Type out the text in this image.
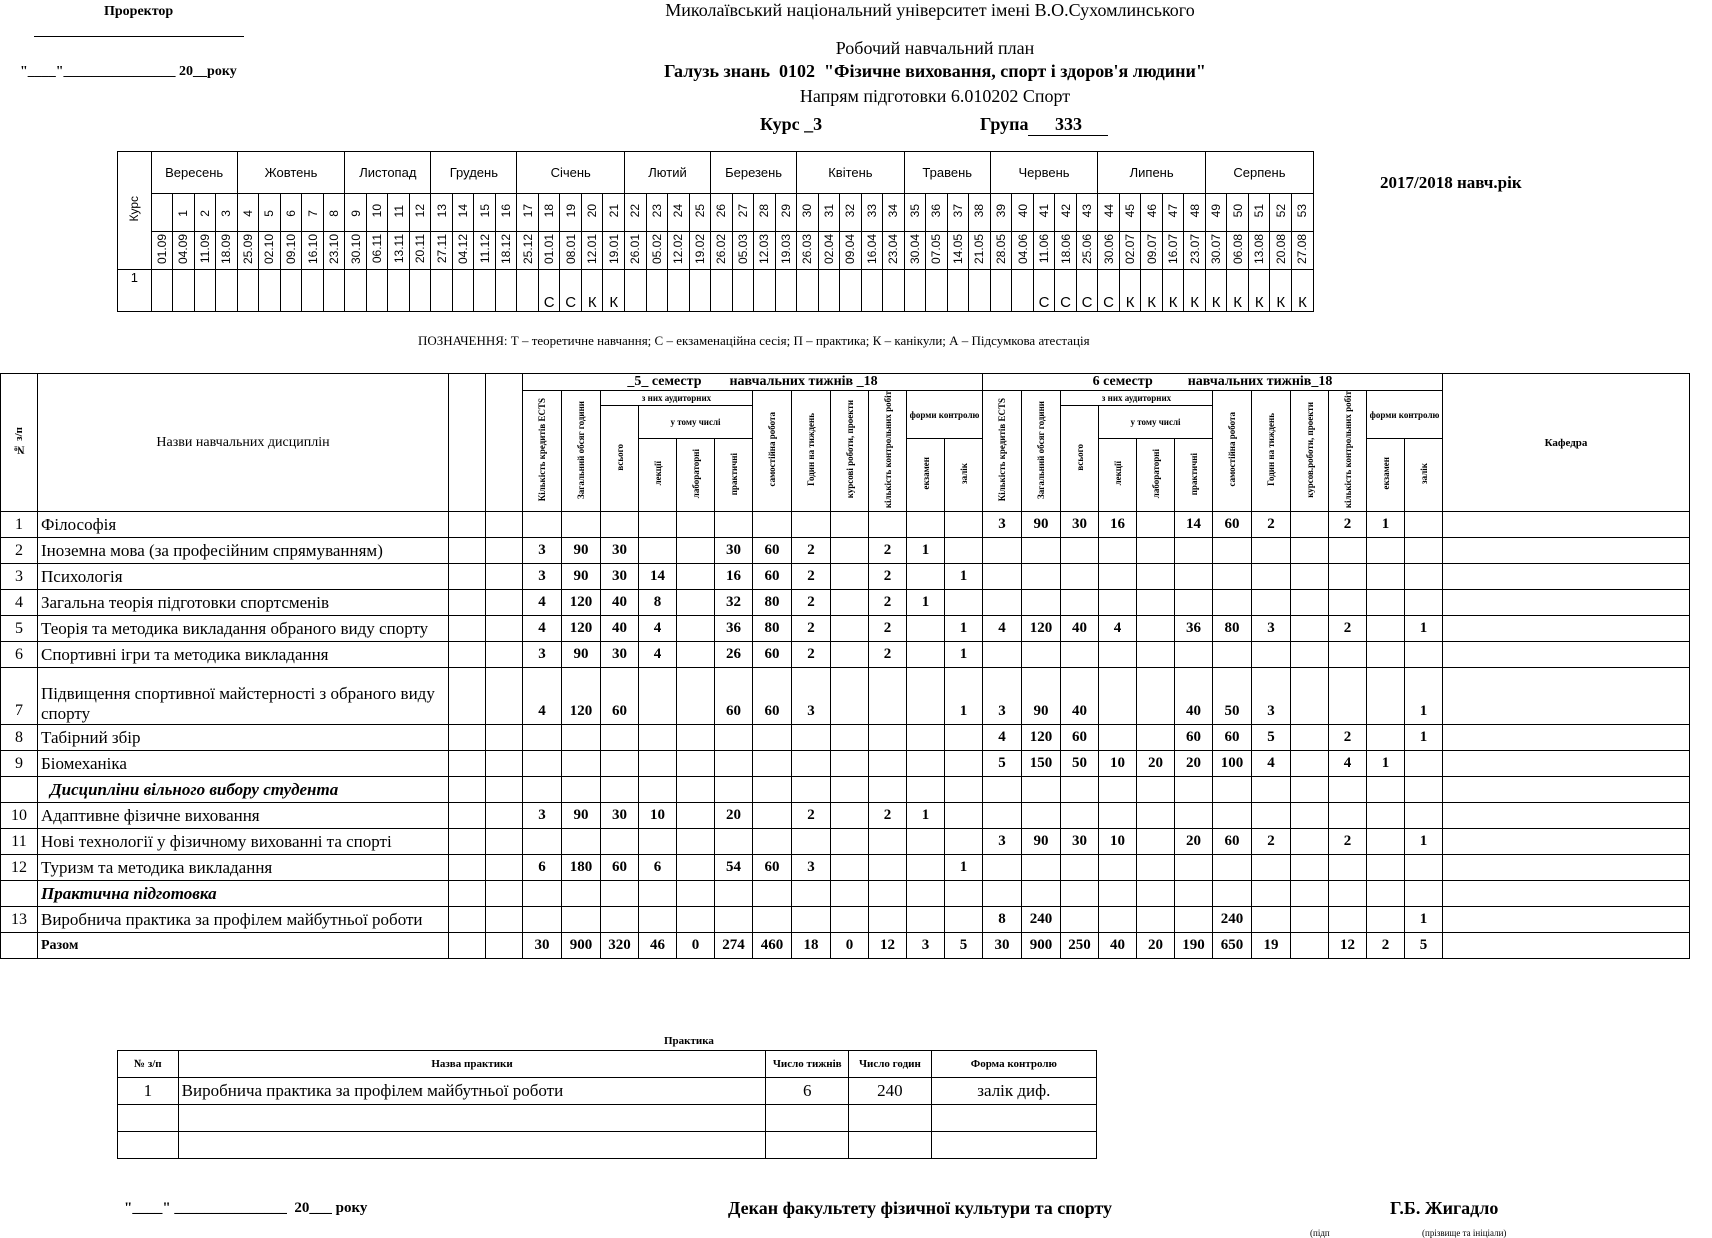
Проректор
"____"________________ 20__року
Миколаївський національний університет імені В.О.Сухомлинського
Робочий навчальний план
Галузь знань  0102  "Фізичне виховання, спорт і здоров'я людини"
Напрям підготовки 6.010202 Спорт
Курс _3	Група 333
2017/2018 навч.рік
Курс	Вересень				Жовтень					Листопад				Грудень				Січень					Лютий				Березень				Квітень					Травень				Червень					Липень					Серпень				
		1	2	3	4	5	6	7	8	9	10	11	12	13	14	15	16	17	18	19	20	21	22	23	24	25	26	27	28	29	30	31	32	33	34	35	36	37	38	39	40	41	42	43	44	45	46	47	48	49	50	51	52	53
	01.09	04.09	11.09	18.09	25.09	02.10	09.10	16.10	23.10	30.10	06.11	13.11	20.11	27.11	04.12	11.12	18.12	25.12	01.01	08.01	12.01	19.01	26.01	05.02	12.02	19.02	26.02	05.03	12.03	19.03	26.03	02.04	09.04	16.04	23.04	30.04	07.05	14.05	21.05	28.05	04.06	11.06	18.06	25.06	30.06	02.07	09.07	16.07	23.07	30.07	06.08	13.08	20.08	27.08
1																			С	С	К	К																				С	С	С	С	К	К	К	К	К	К	К	К	К
ПОЗНАЧЕННЯ: Т – теоретичне навчання; С – екзаменаційна сесія; П – практика; К – канікули; А – Підсумкова атестація
№ з/п	Назви навчальних дисциплін			_5_ семестр        навчальних тижнів _18												6 семестр          навчальних тижнів_18												Кафедра
				Кількість кредитів ECTS	Загальний обсяг години	з них аудиторних				самостійна робота	Годин на тиждень	курсові роботи, проекти	кількість контрольних робіт	форми контролю		Кількість кредитів ECTS	Загальний обсяг години	з них аудиторних				самостійна робота	Годин на тиждень	курсов.роботи, проекти	кількість контрольних робіт	форми контролю		
						всього	у тому числі											всього	у тому числі									
							лекції	лабораторні	практичні					екзамен	залік				лекції	лабораторні	практичні					екзамен	залік	
1	Філософія															3	90	30	16		14	60	2		2	1		
2	Іноземна мова (за професійним спрямуванням)			3	90	30			30	60	2		2	1														
3	Психологія			3	90	30	14		16	60	2		2		1													
4	Загальна теорія підготовки спортсменів			4	120	40	8		32	80	2		2	1														
5	Теорія та методика викладання обраного виду спорту			4	120	40	4		36	80	2		2		1	4	120	40	4		36	80	3		2		1	
6	Спортивні ігри та методика викладання			3	90	30	4		26	60	2		2		1													
7	Підвищення спортивної майстерності з обраного виду спорту			4	120	60			60	60	3				1	3	90	40			40	50	3				1	
8	Табірний збір															4	120	60			60	60	5		2		1	
9	Біомеханіка															5	150	50	10	20	20	100	4		4	1		
	Дисципліни вільного вибору студента																											
10	Адаптивне фізичне виховання			3	90	30	10		20		2		2	1														
11	Нові технології у фізичному вихованні та спорті															3	90	30	10		20	60	2		2		1	
12	Туризм та методика викладання			6	180	60	6		54	60	3				1													
	Практична підготовка																											
13	Виробнича практика за профілем майбутньої роботи															8	240					240					1	
	Разом			30	900	320	46	0	274	460	18	0	12	3	5	30	900	250	40	20	190	650	19		12	2	5	
Практика
№ з/п	Назва практики	Число тижнів	Число годин	Форма контролю
1	Виробнича практика за профілем майбутньої роботи	6	240	залік диф.

"____" _______________  20___ року	Декан факультету фізичної культури та спорту	Г.Б. Жигадло
(підп	(прізвище та ініціали)
